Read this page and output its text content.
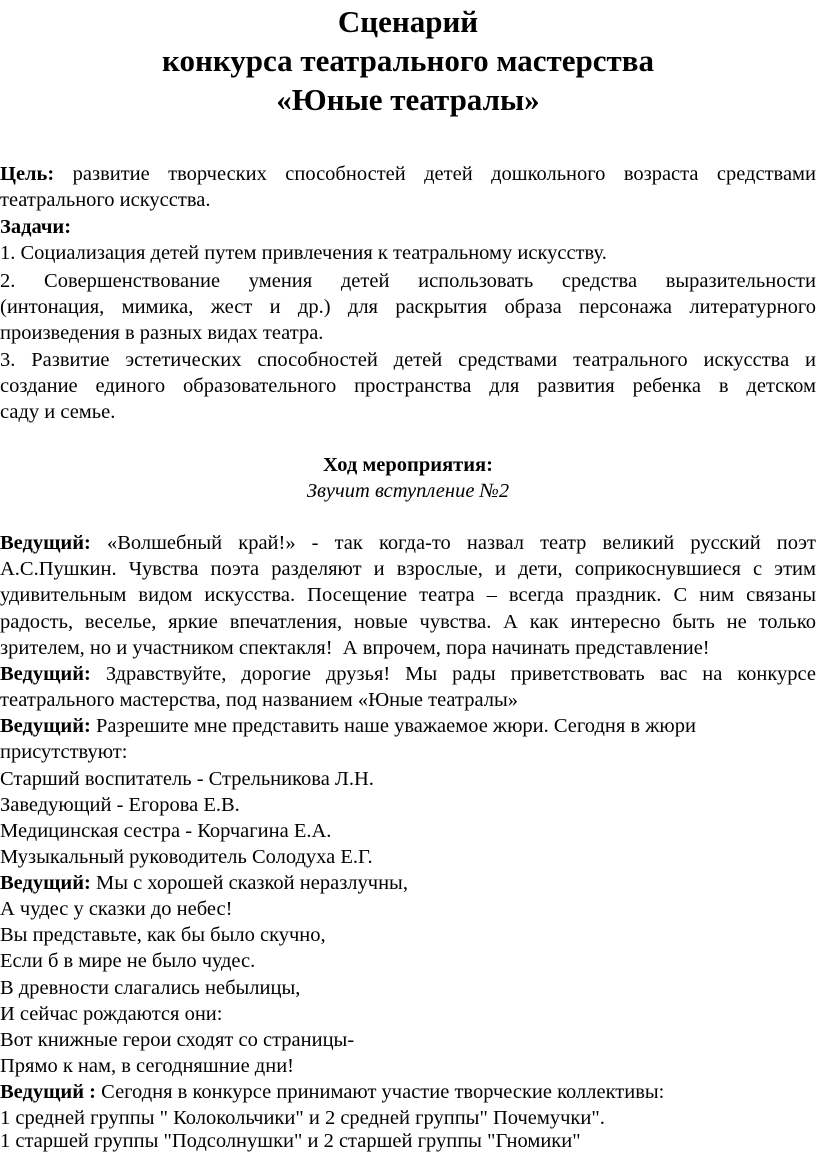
Сценарий
конкурса театрального мастерства
«Юные театралы»
Цель: развитие творческих способностей детей дошкольного возраста средствами
театрального искусства.
Задачи:
1. Социализация детей путем привлечения к театральному искусству.
2. Совершенствование умения детей использовать средства выразительности
(интонация, мимика, жест и др.) для раскрытия образа персонажа литературного
произведения в разных видах театра.
3. Развитие эстетических способностей детей средствами театрального искусства и
создание единого образовательного пространства для развития ребенка в детском
саду и семье.
Ход мероприятия:
Звучит вступление №2
Ведущий: «Волшебный край!» - так когда-то назвал театр великий русский поэт
А.С.Пушкин. Чувства поэта разделяют и взрослые, и дети, соприкоснувшиеся с этим
удивительным видом искусства. Посещение театра – всегда праздник. С ним связаны
радость, веселье, яркие впечатления, новые чувства. А как интересно быть не только
зрителем, но и участником спектакля!  А впрочем, пора начинать представление!
Ведущий: Здравствуйте, дорогие друзья! Мы рады приветствовать вас на конкурсе
театрального мастерства, под названием «Юные театралы»
Ведущий: Разрешите мне представить наше уважаемое жюри. Сегодня в жюри
присутствуют:
Старший воспитатель - Стрельникова Л.Н.
Заведующий - Егорова Е.В.
Медицинская сестра - Корчагина Е.А.
Музыкальный руководитель Солодуха Е.Г.
Ведущий: Мы с хорошей сказкой неразлучны,
А чудес у сказки до небес!
Вы представьте, как бы было скучно,
Если б в мире не было чудес.
В древности слагались небылицы,
И сейчас рождаются они:
Вот книжные герои сходят со страницы-
Прямо к нам, в сегодняшние дни!
Ведущий : Сегодня в конкурсе принимают участие творческие коллективы:
1 средней группы " Колокольчики" и 2 средней группы" Почемучки".
1 старшей группы "Подсолнушки" и 2 старшей группы "Гномики"
